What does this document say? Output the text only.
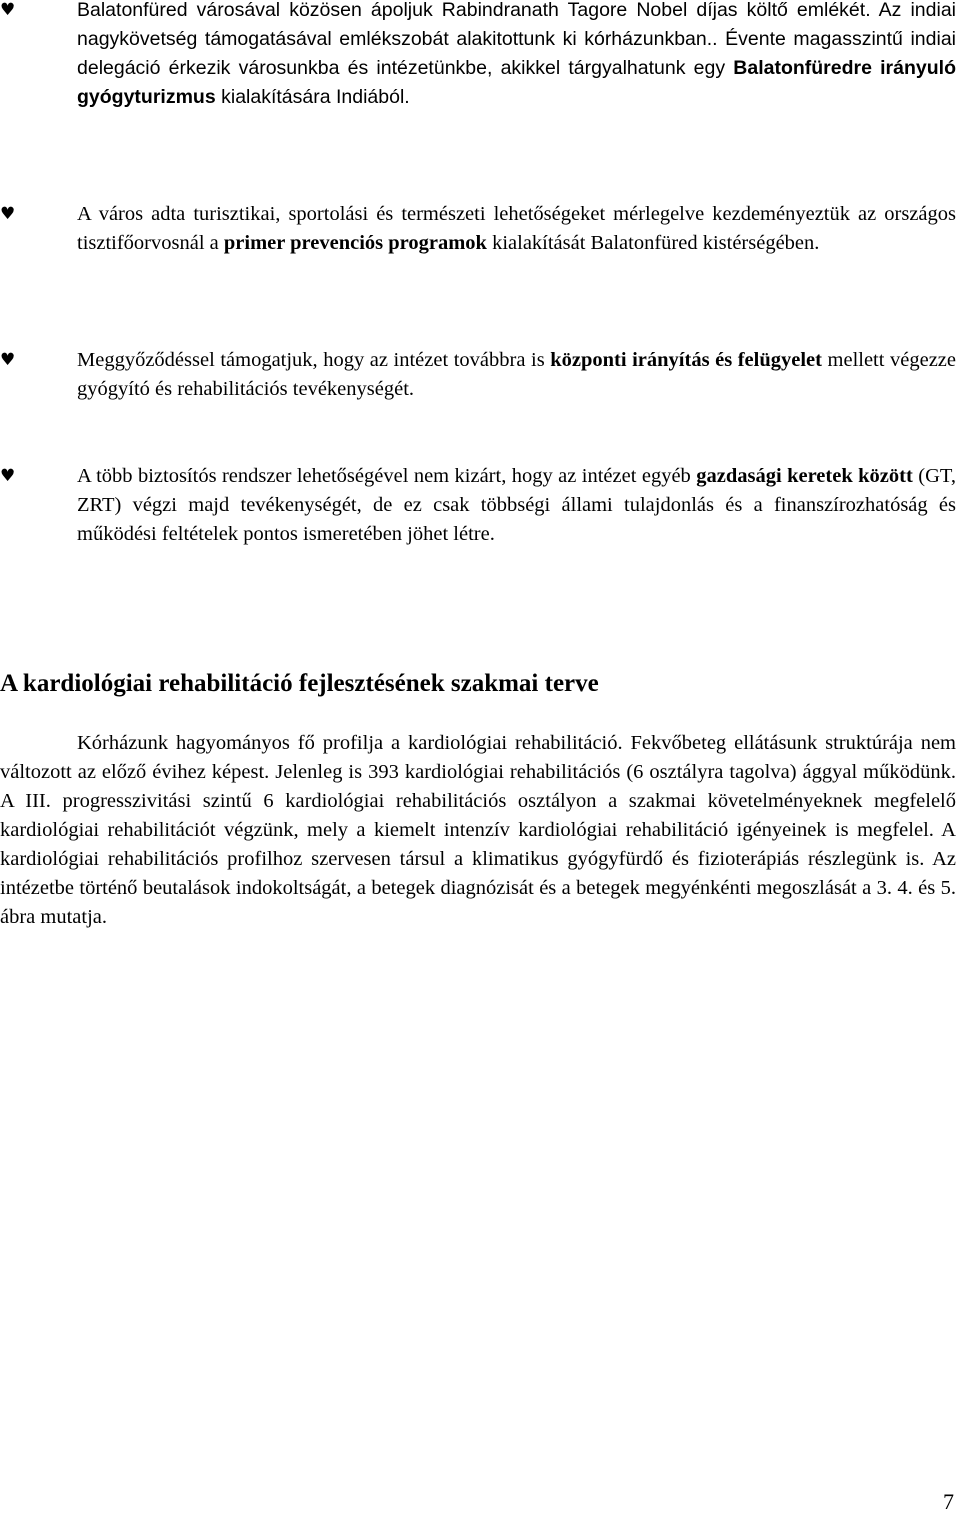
♥	Balatonfüred városával közösen ápoljuk Rabindranath Tagore Nobel díjas költő emlékét. Az indiai nagykövetség támogatásával emlékszobát alakitottunk ki kórházunkban.. Évente magasszintű indiai delegáció érkezik városunkba és intézetünkbe, akikkel tárgyalhatunk egy Balatonfüredre irányuló gyógyturizmus kialakítására Indiából.
♥	A város adta turisztikai, sportolási és természeti lehetőségeket mérlegelve kezdeményeztük az országos tisztifőorvosnál a primer prevenciós programok kialakítását Balatonfüred kistérségében.
♥	Meggyőződéssel támogatjuk, hogy az intézet továbbra is központi irányítás és felügyelet mellett végezze gyógyító és rehabilitációs tevékenységét.
♥	A több biztosítós rendszer lehetőségével nem kizárt, hogy az intézet egyéb gazdasági keretek között (GT, ZRT) végzi majd tevékenységét, de ez csak többségi állami tulajdonlás és a finanszírozhatóság és működési feltételek pontos ismeretében jöhet létre.
A kardiológiai rehabilitáció fejlesztésének szakmai terve

Kórházunk hagyományos fő profilja a kardiológiai rehabilitáció. Fekvőbeteg ellátásunk struktúrája nem változott az előző évihez képest. Jelenleg is 393 kardiológiai rehabilitációs (6 osztályra tagolva) ággyal működünk. A III. progresszivitási szintű 6 kardiológiai rehabilitációs osztályon a szakmai követelményeknek megfelelő kardiológiai rehabilitációt végzünk, mely a kiemelt intenzív kardiológiai rehabilitáció igényeinek is megfelel. A kardiológiai rehabilitációs profilhoz szervesen társul a klimatikus gyógyfürdő és fizioterápiás részlegünk is. Az intézetbe történő beutalások indokoltságát, a betegek diagnózisát és a betegek megyénkénti megoszlását a 3. 4. és 5. ábra mutatja.

7
